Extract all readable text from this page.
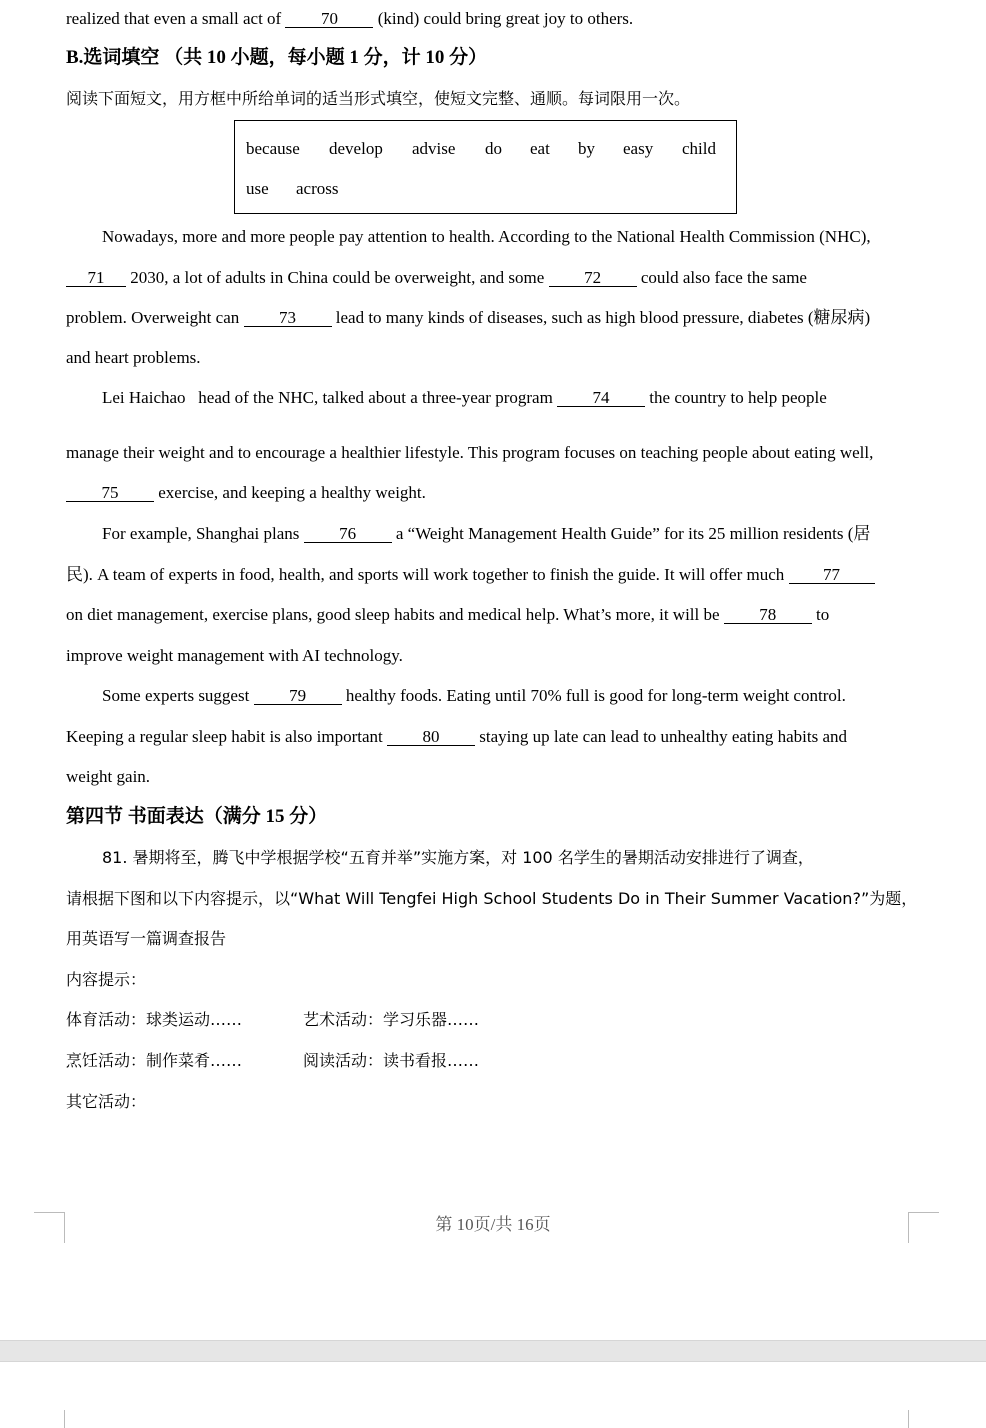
realized that even a small act of 70 (kind) could bring great joy to others.
B.选词填空 （共 10 小题，每小题 1 分，计 10 分）
阅读下面短文，用方框中所给单词的适当形式填空，使短文完整、通顺。每词限用一次。
because develop advise do eat by easy child
use across
Nowadays, more and more people pay attention to health. According to the National Health Commission (NHC),
71 2030, a lot of adults in China could be overweight, and some 72 could also face the same
problem. Overweight can 73 lead to many kinds of diseases, such as high blood pressure, diabetes (糖尿病)
and heart problems.
Lei Haichao head of the NHC, talked about a three-year program 74 the country to help people
manage their weight and to encourage a healthier lifestyle. This program focuses on teaching people about eating well,
75 exercise, and keeping a healthy weight.
For example, Shanghai plans 76 a “Weight Management Health Guide” for its 25 million residents (居
民). A team of experts in food, health, and sports will work together to finish the guide. It will offer much 77
on diet management, exercise plans, good sleep habits and medical help. What’s more, it will be 78 to
improve weight management with AI technology.
Some experts suggest 79 healthy foods. Eating until 70% full is good for long-term weight control.
Keeping a regular sleep habit is also important 80 staying up late can lead to unhealthy eating habits and
weight gain.
第四节 书面表达（满分 15 分）
81. 暑期将至，腾飞中学根据学校“五育并举”实施方案，对 100 名学生的暑期活动安排进行了调查，
请根据下图和以下内容提示，以“What Will Tengfei High School Students Do in Their Summer Vacation?”为题，
用英语写一篇调查报告
内容提示：
体育活动：球类运动……	艺术活动：学习乐器……
烹饪活动：制作菜肴……	阅读活动：读书看报……
其它活动：
第 10页/共 16页
